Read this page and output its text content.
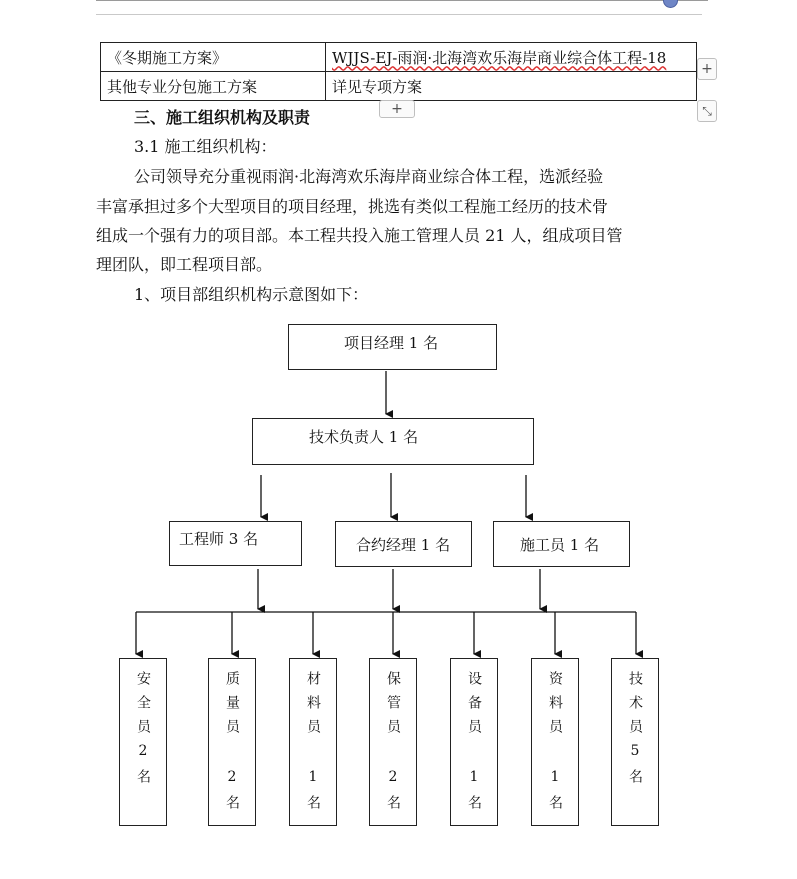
《冬期施工方案》	WJJS-EJ-雨润·北海湾欢乐海岸商业综合体工程-18
其他专业分包施工方案	详见专项方案
+
+	⤡
三、施工组织机构及职责
3.1 施工组织机构：
公司领导充分重视雨润·北海湾欢乐海岸商业综合体工程，选派经验
丰富承担过多个大型项目的项目经理，挑选有类似工程施工经历的技术骨
组成一个强有力的项目部。本工程共投入施工管理人员 21 人，组成项目管
理团队，即工程项目部。
1、项目部组织机构示意图如下：
项目经理 1 名
技术负责人 1 名
工程师 3 名	合约经理 1 名	施工员 1 名
安全员2名	质量员 2名	材料员 1名	保管员 2名	设备员 1名	资料员 1名	技术员5名
